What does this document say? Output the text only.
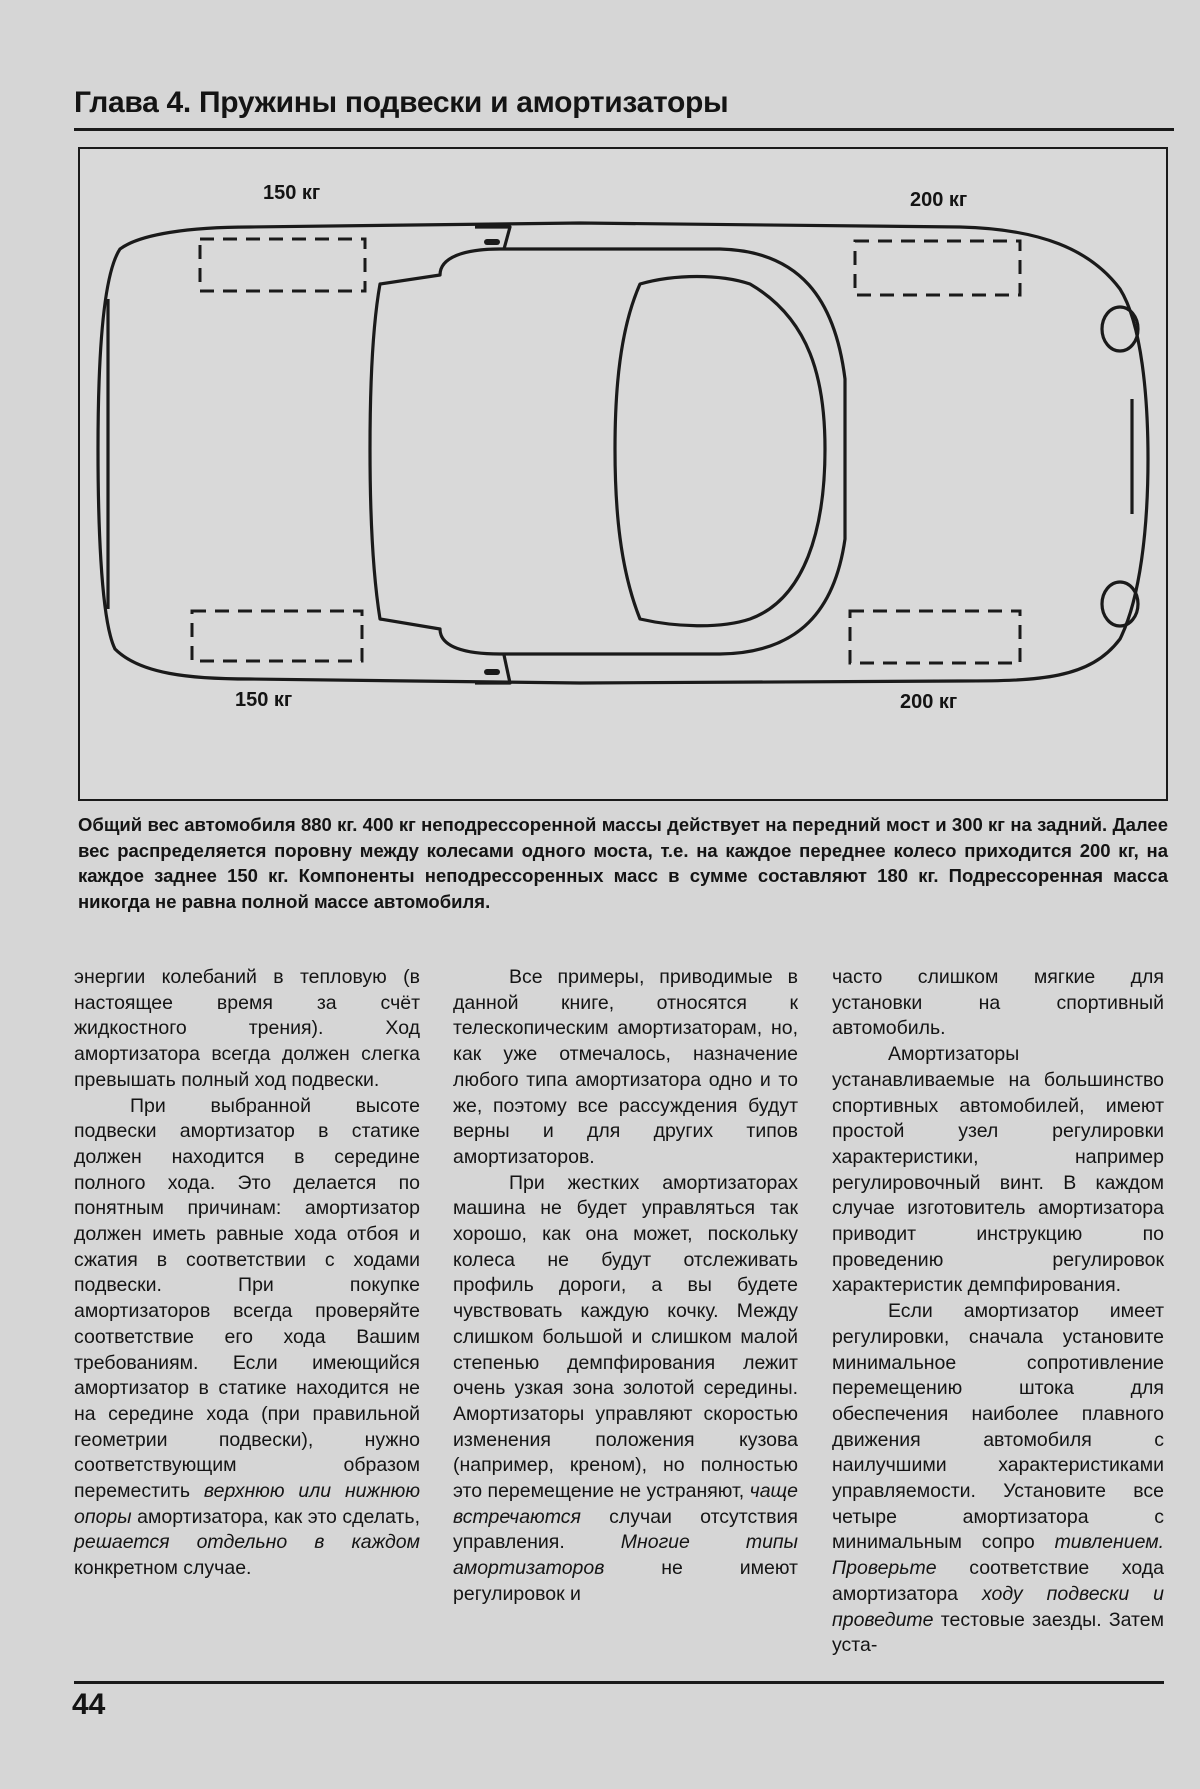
Глава 4. Пружины подвески и амортизаторы
150 кг	200 кг
150 кг	200 кг
Общий вес автомобиля 880 кг. 400 кг неподрессоренной массы действует на передний мост и 300 кг на задний. Далее вес распределяется поровну между колесами одного моста, т.е. на каждое переднее колесо приходится 200 кг, на каждое заднее 150 кг. Компоненты неподрессоренных масс в сумме составляют 180 кг. Подрессоренная масса никогда не равна полной массе автомобиля.

энергии колебаний в тепловую (в настоящее время за счёт жидкостного трения). Ход амортизатора всегда должен слегка превышать полный ход подвески.

При выбранной высоте подвески амортизатор в статике должен находится в середине полного хода. Это делается по понятным причинам: амортизатор должен иметь равные хода отбоя и сжатия в соответствии с ходами подвески. При покупке амортизаторов всегда проверяйте соответствие его хода Вашим требованиям. Если имеющийся амортизатор в статике находится не на середине хода (при правильной геометрии подвески), нужно соответствующим образом переместить верхнюю или нижнюю опоры амортизатора, как это сделать, решается отдельно в каждом конкретном случае.

Все примеры, приводимые в данной книге, относятся к телескопическим амортизаторам, но, как уже отмечалось, назначение любого типа амортизатора одно и то же, поэтому все рассуждения будут верны и для других типов амортизаторов.

При жестких амортизаторах машина не будет управляться так хорошо, как она может, поскольку колеса не будут отслеживать профиль дороги, а вы будете чувствовать каждую кочку. Между слишком большой и слишком малой степенью демпфирования лежит очень узкая зона золотой середины. Амортизаторы управляют скоростью изменения положения кузова (например, креном), но полностью это перемещение не устраняют, чаще встречаются случаи отсутствия управления.	Многие типы амортизаторов	не имеют регулировок и

часто слишком мягкие для установки на спортивный автомобиль.

Амортизаторы устанавливаемые на большинство спортивных автомобилей, имеют простой узел регулировки характеристики, например регулировочный винт. В каждом случае изготовитель амортизатора приводит инструкцию по проведению регулировок характеристик демпфирования.

Если амортизатор имеет регулировки, сначала установите минимальное сопротивление перемещению штока для обеспечения наиболее плавного движения автомобиля с наилучшими характеристиками управляемости. Установите все четыре амортизатора с минимальным сопро тивлением. Проверьте соответствие хода амортизатора ходу подвески и проведите тестовые заезды. Затем уста-

44
